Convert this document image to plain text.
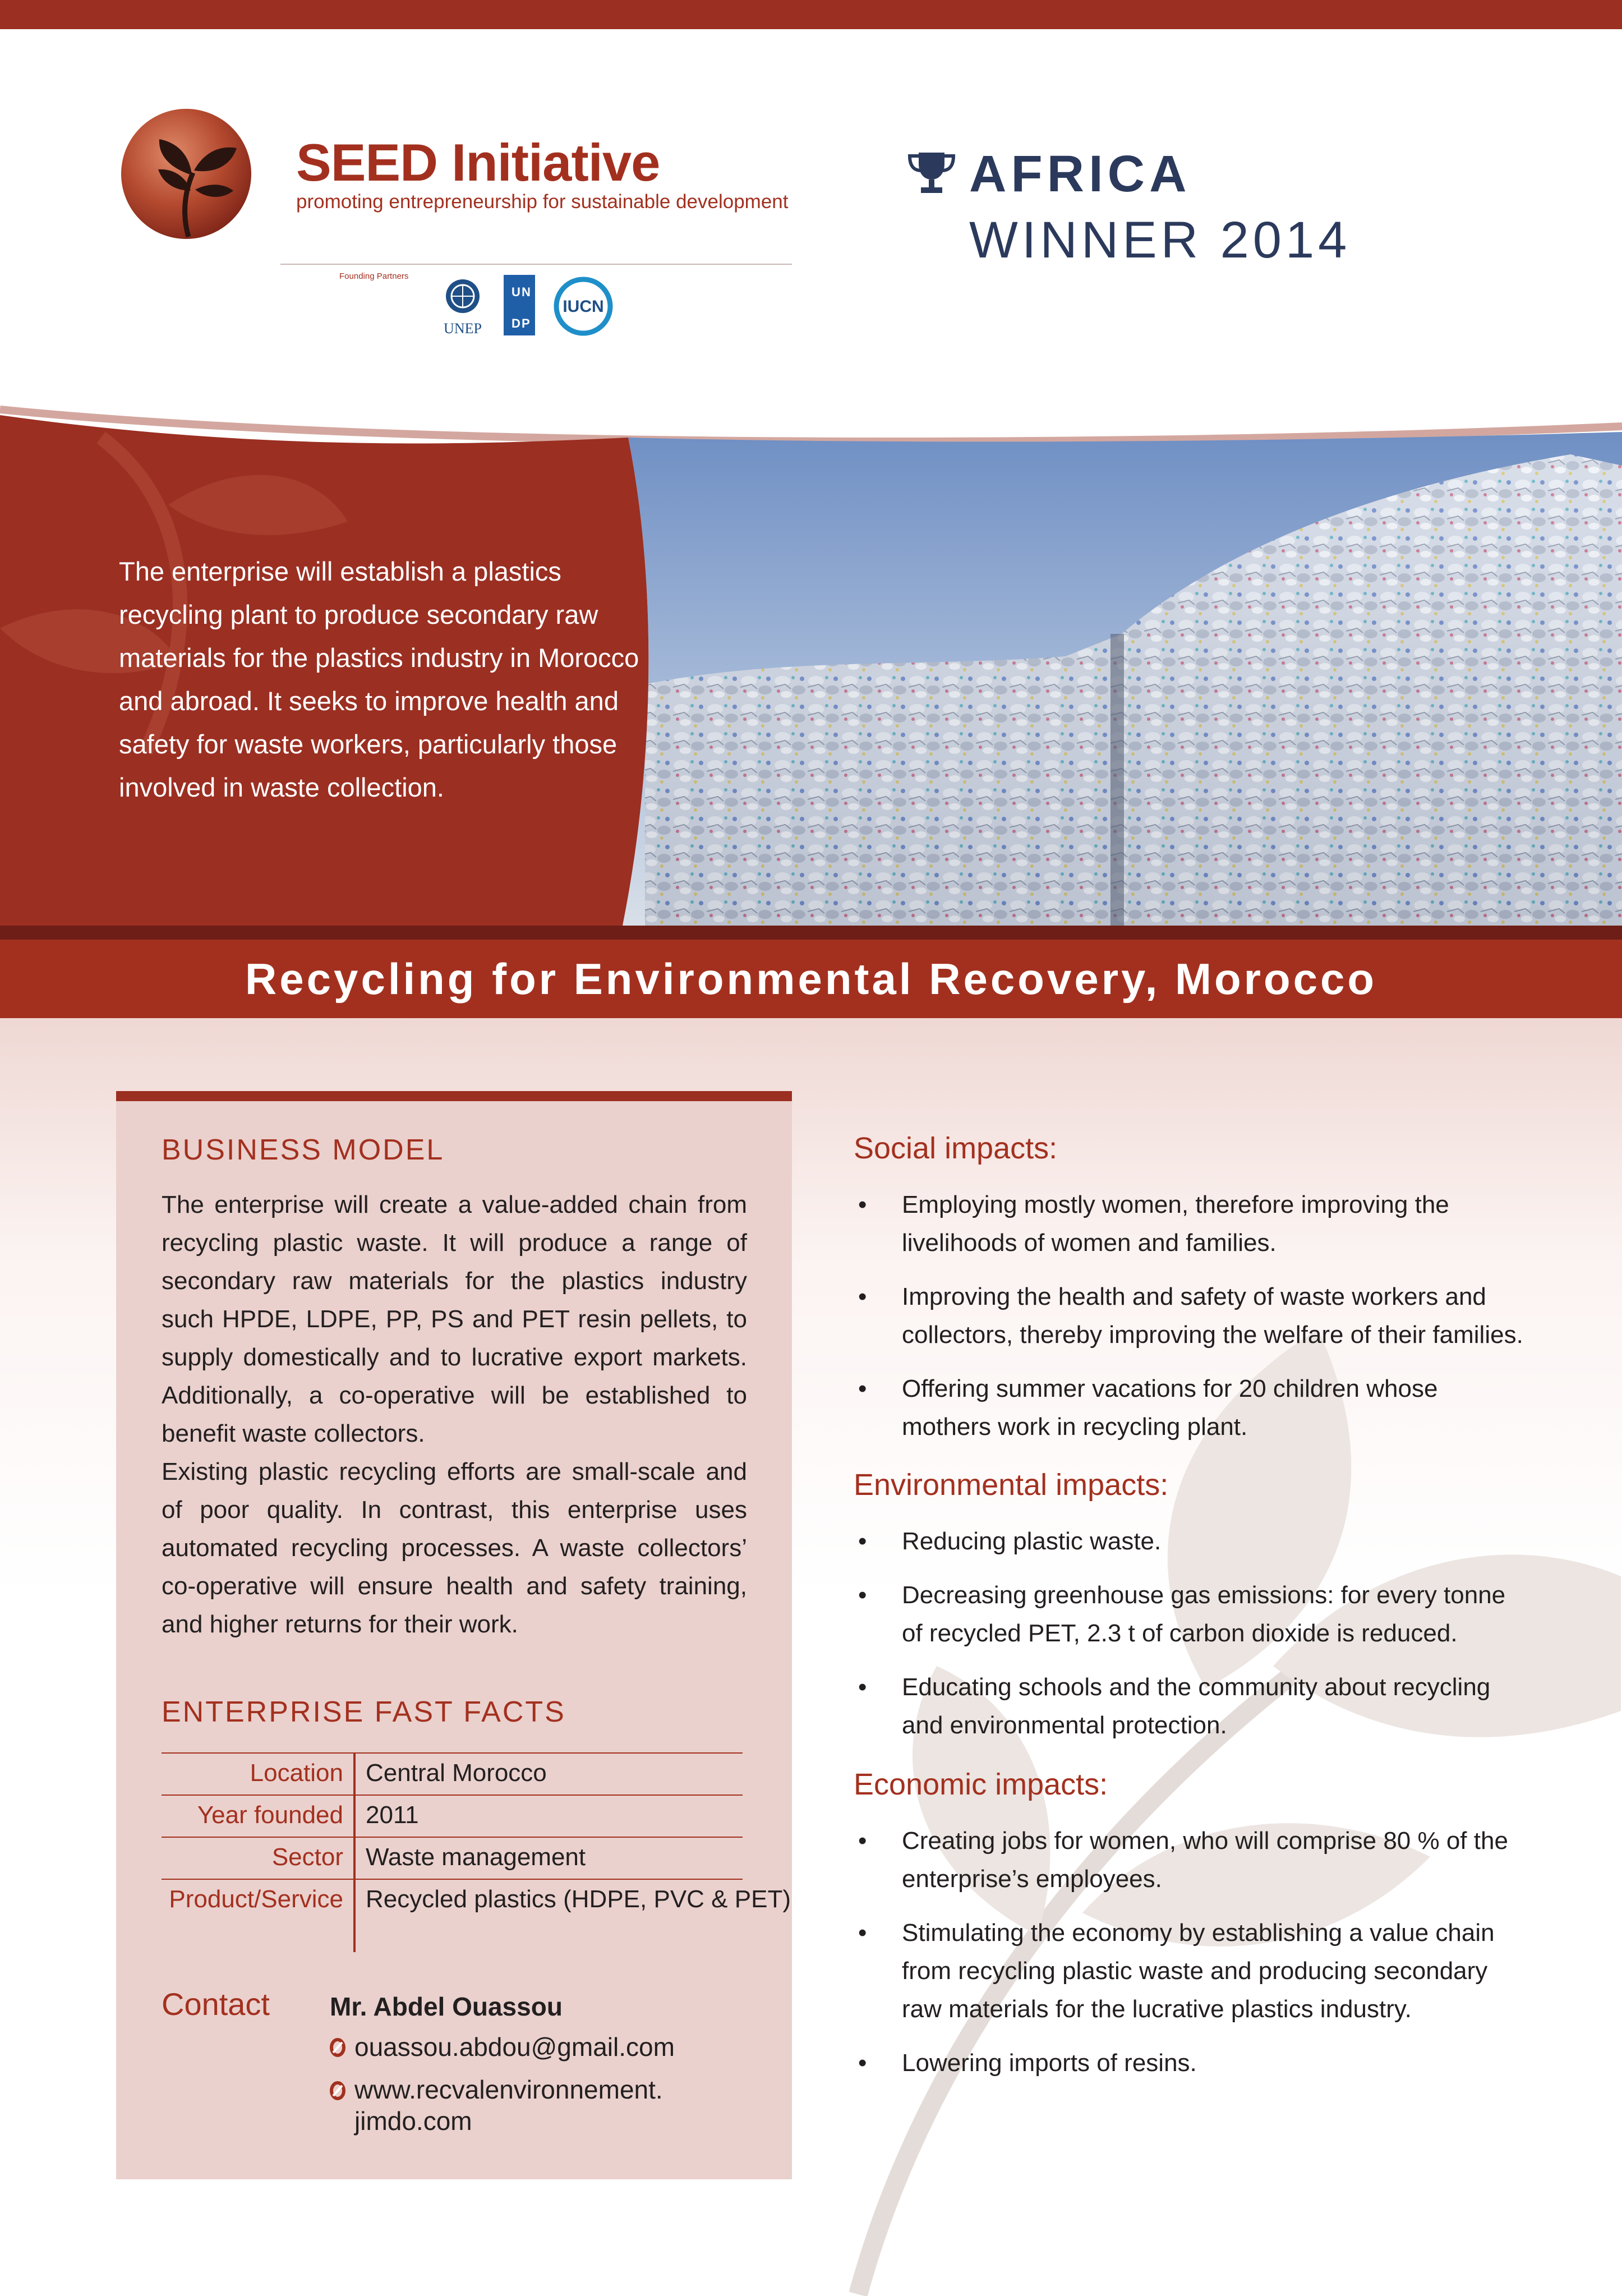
SEED Initiative
promoting entrepreneurship for sustainable development
Founding Partners
UNEP
U N
D P
IUCN
AFRICA
WINNER 2014
The enterprise will establish a plastics recycling plant to produce secondary raw materials for the plastics industry in Morocco and abroad. It seeks to improve health and safety for waste workers, particularly those involved in waste collection.
Recycling for Environmental Recovery, Morocco
BUSINESS MODEL
The enterprise will create a value-added chain from recycling plastic waste. It will produce a range of secondary raw materials for the plastics industry such HPDE, LDPE, PP, PS and PET resin pellets, to supply domestically and to lucrative export markets. Additionally, a co-operative will be established to benefit waste collectors.
Existing plastic recycling efforts are small-scale and of poor quality. In contrast, this enterprise uses automated recycling processes. A waste collectors’ co-operative will ensure health and safety training, and higher returns for their work.
ENTERPRISE FAST FACTS
Location Central Morocco
Year founded 2011
Sector Waste management
Product/Service Recycled plastics (HDPE, PVC & PET)
Contact Mr. Abdel Ouassou
ouassou.abdou@gmail.com
www.recvalenvironnement.
jimdo.com
Social impacts:
• Employing mostly women, therefore improving the livelihoods of women and families.
• Improving the health and safety of waste workers and collectors, thereby improving the welfare of their families.
• Offering summer vacations for 20 children whose mothers work in recycling plant.
Environmental impacts:
• Reducing plastic waste.
• Decreasing greenhouse gas emissions: for every tonne of recycled PET, 2.3 t of carbon dioxide is reduced.
• Educating schools and the community about recycling and environmental protection.
Economic impacts:
• Creating jobs for women, who will comprise 80 % of the enterprise’s employees.
• Stimulating the economy by establishing a value chain from recycling plastic waste and producing secondary raw materials for the lucrative plastics industry.
• Lowering imports of resins.
